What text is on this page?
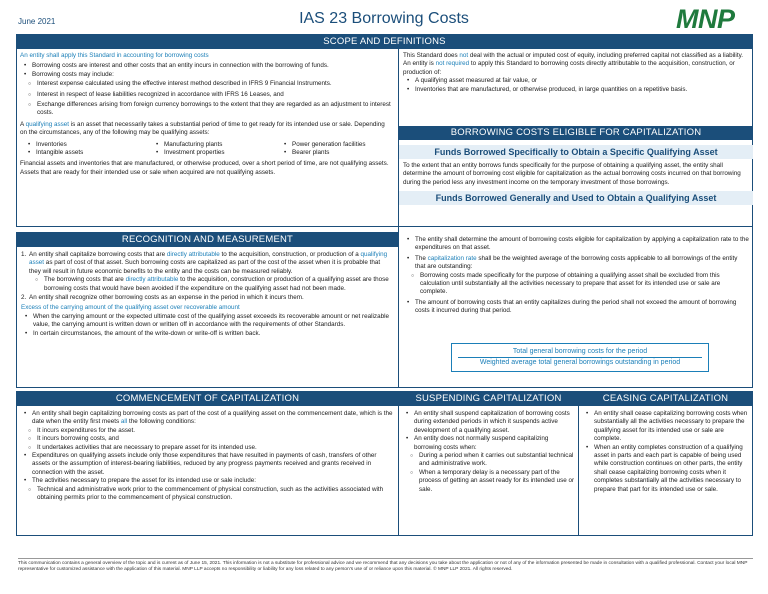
June 2021	IAS 23 Borrowing Costs	MNP
SCOPE AND DEFINITIONS

An entity shall apply this Standard in accounting for borrowing costs

• Borrowing costs are interest and other costs that an entity incurs in connection with the borrowing of funds.
• Borrowing costs may include:
○ Interest expense calculated using the effective interest method described in IFRS 9 Financial Instruments.
○ Interest in respect of lease liabilities recognized in accordance with IFRS 16 Leases, and
○ Exchange differences arising from foreign currency borrowings to the extent that they are regarded as an adjustment to interest costs.

A qualifying asset is an asset that necessarily takes a substantial period of time to get ready for its intended use or sale. Depending on the circumstances, any of the following may be qualifying assets:

• Inventories	• Manufacturing plants	• Power generation facilities
• Intangible assets	• Investment properties	• Bearer plants

Financial assets and inventories that are manufactured, or otherwise produced, over a short period of time, are not qualifying assets. Assets that are ready for their intended use or sale when acquired are not qualifying assets.

This Standard does not deal with the actual or imputed cost of equity, including preferred capital not classified as a liability.

An entity is not required to apply this Standard to borrowing costs directly attributable to the acquisition, construction, or production of:

• A qualifying asset measured at fair value, or
• Inventories that are manufactured, or otherwise produced, in large quantities on a repetitive basis.
BORROWING COSTS ELIGIBLE FOR CAPITALIZATION
Funds Borrowed Specifically to Obtain a Specific Qualifying Asset
To the extent that an entity borrows funds specifically for the purpose of obtaining a qualifying asset, the entity shall determine the amount of borrowing cost eligible for capitalization as the actual borrowing costs incurred on that borrowing during the period less any investment income on the temporary investment of those borrowings.
Funds Borrowed Generally and Used to Obtain a Qualifying Asset
• The entity shall determine the amount of borrowing costs eligible for capitalization by applying a capitalization rate to the expenditures on that asset.
• The capitalization rate shall be the weighted average of the borrowing costs applicable to all borrowings of the entity that are outstanding:
○ Borrowing costs made specifically for the purpose of obtaining a qualifying asset shall be excluded from this calculation until substantially all the activities necessary to prepare that asset for its intended use or sale are complete.
• The amount of borrowing costs that an entity capitalizes during the period shall not exceed the amount of borrowing costs it incurred during that period.
Total general borrowing costs for the period
Weighted average total general borrowings outstanding in period
RECOGNITION AND MEASUREMENT
1. An entity shall capitalize borrowing costs that are directly attributable to the acquisition, construction, or production of a qualifying asset as part of cost of that asset. Such borrowing costs are capitalized as part of the cost of the asset when it is probable that they will result in future economic benefits to the entity and the costs can be measured reliably.
○ The borrowing costs that are directly attributable to the acquisition, construction or production of a qualifying asset are those borrowing costs that would have been avoided if the expenditure on the qualifying asset had not been made.
2. An entity shall recognize other borrowing costs as an expense in the period in which it incurs them.
Excess of the carrying amount of the qualifying asset over recoverable amount
• When the carrying amount or the expected ultimate cost of the qualifying asset exceeds its recoverable amount or net realizable value, the carrying amount is written down or written off in accordance with the requirements of other Standards.
• In certain circumstances, the amount of the write-down or write-off is written back.
COMMENCEMENT OF CAPITALIZATION
• An entity shall begin capitalizing borrowing costs as part of the cost of a qualifying asset on the commencement date, which is the date when the entity first meets all the following conditions:
○ It incurs expenditures for the asset.
○ It incurs borrowing costs, and
○ It undertakes activities that are necessary to prepare asset for its intended use.
• Expenditures on qualifying assets include only those expenditures that have resulted in payments of cash, transfers of other assets or the assumption of interest-bearing liabilities, reduced by any progress payments received and grants received in connection with the asset.
• The activities necessary to prepare the asset for its intended use or sale include:
○ Technical and administrative work prior to the commencement of physical construction, such as the activities associated with obtaining permits prior to the commencement of physical construction.
SUSPENDING CAPITALIZATION
• An entity shall suspend capitalization of borrowing costs during extended periods in which it suspends active development of a qualifying asset.
• An entity does not normally suspend capitalizing borrowing costs when:
○ During a period when it carries out substantial technical and administrative work.
○ When a temporary delay is a necessary part of the process of getting an asset ready for its intended use or sale.
CEASING CAPITALIZATION
• An entity shall cease capitalizing borrowing costs when substantially all the activities necessary to prepare the qualifying asset for its intended use or sale are complete.
• When an entity completes construction of a qualifying asset in parts and each part is capable of being used while construction continues on other parts, the entity shall cease capitalizing borrowing costs when it completes substantially all the activities necessary to prepare that part for its intended use or sale.
This communication contains a general overview of the topic and is current as of June 15, 2021. This information is not a substitute for professional advice and we recommend that any decisions you take about the application or not of any of the information presented be made in consultation with a qualified professional. Contact your local MNP representative for customized assistance with the application of this material. MNP LLP accepts no responsibility or liability for any loss related to any person's use of or reliance upon this material. © MNP LLP 2021. All rights reserved.
